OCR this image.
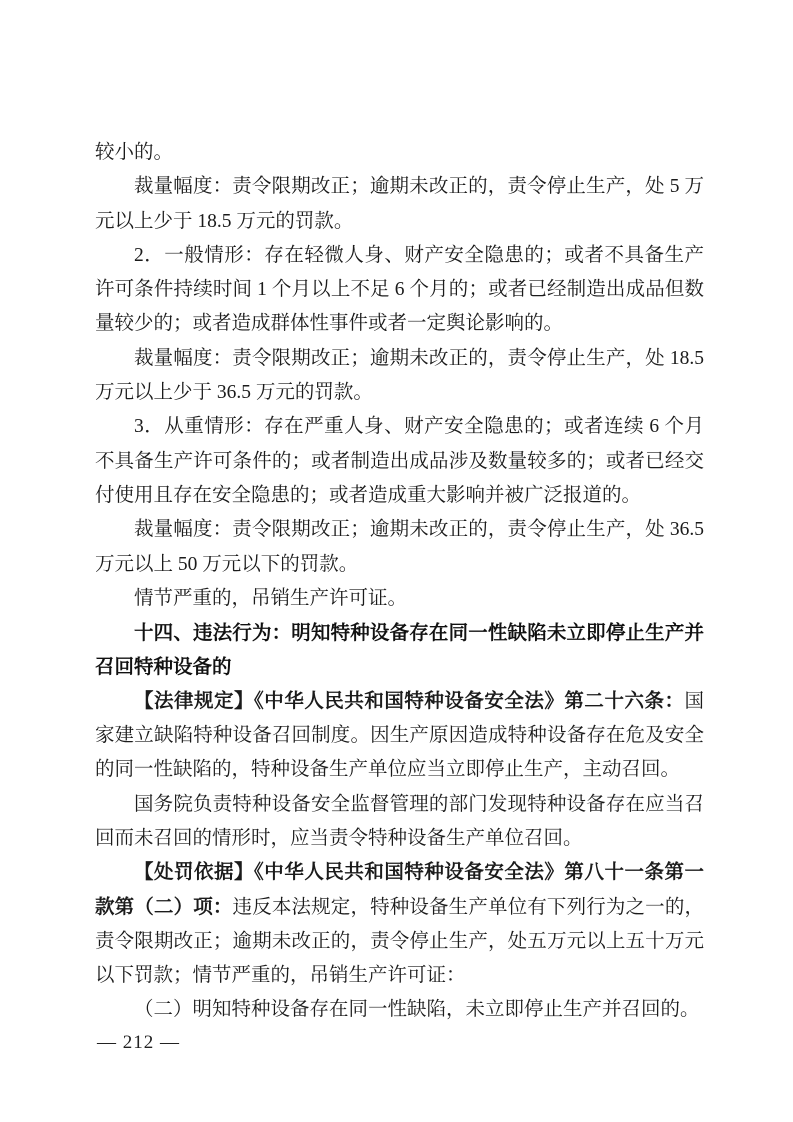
较小的。

裁量幅度：责令限期改正；逾期未改正的，责令停止生产，处 5 万元以上少于 18.5 万元的罚款。

2．一般情形：存在轻微人身、财产安全隐患的；或者不具备生产许可条件持续时间 1 个月以上不足 6 个月的；或者已经制造出成品但数量较少的；或者造成群体性事件或者一定舆论影响的。

裁量幅度：责令限期改正；逾期未改正的，责令停止生产，处 18.5 万元以上少于 36.5 万元的罚款。

3．从重情形：存在严重人身、财产安全隐患的；或者连续 6 个月不具备生产许可条件的；或者制造出成品涉及数量较多的；或者已经交付使用且存在安全隐患的；或者造成重大影响并被广泛报道的。

裁量幅度：责令限期改正；逾期未改正的，责令停止生产，处 36.5 万元以上 50 万元以下的罚款。

情节严重的，吊销生产许可证。

十四、违法行为：明知特种设备存在同一性缺陷未立即停止生产并召回特种设备的

【法律规定】《中华人民共和国特种设备安全法》第二十六条：国家建立缺陷特种设备召回制度。因生产原因造成特种设备存在危及安全的同一性缺陷的，特种设备生产单位应当立即停止生产，主动召回。

国务院负责特种设备安全监督管理的部门发现特种设备存在应当召回而未召回的情形时，应当责令特种设备生产单位召回。

【处罚依据】《中华人民共和国特种设备安全法》第八十一条第一款第（二）项：违反本法规定，特种设备生产单位有下列行为之一的，责令限期改正；逾期未改正的，责令停止生产，处五万元以上五十万元以下罚款；情节严重的，吊销生产许可证：

（二）明知特种设备存在同一性缺陷，未立即停止生产并召回的。

— 212 —
